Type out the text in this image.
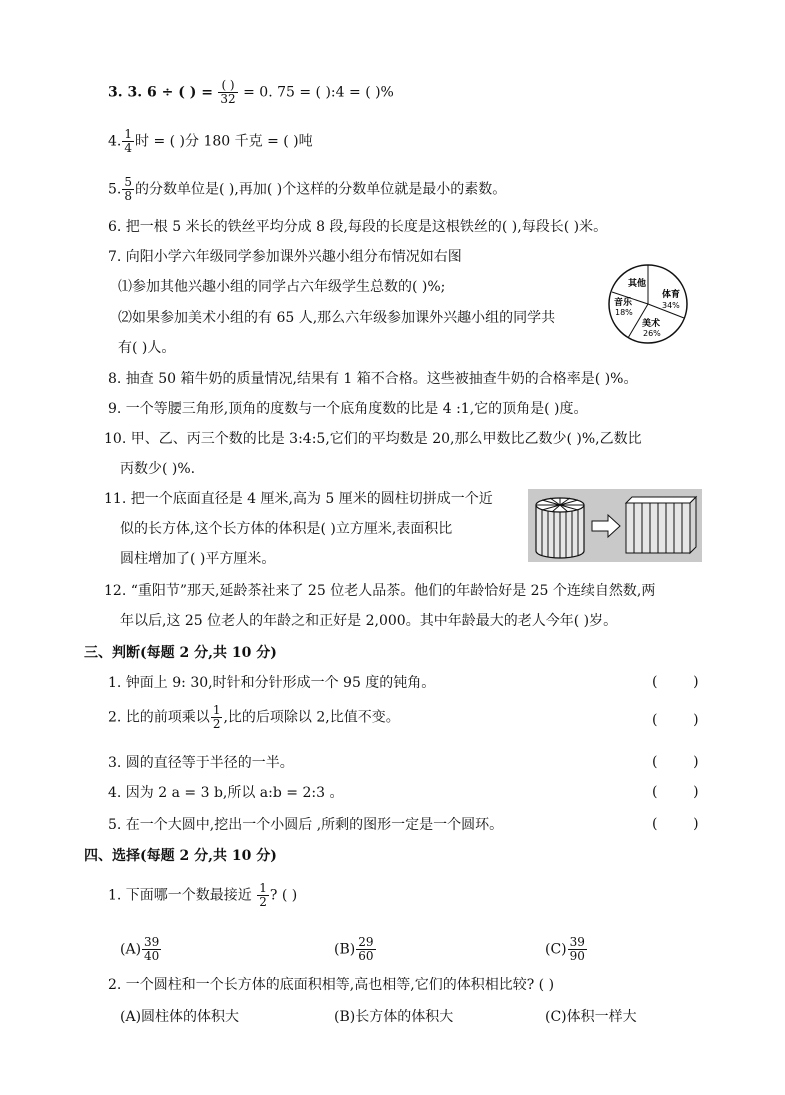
3. 3. 6 ÷ ( ) = $\frac{( )}{32} = 0$. 75 = ( ):4 = ( )%
4. $\frac{1}{4}$ 时 = ( )分 180 千克 = ( )吨
5. $\frac{5}{8}$ 的分数单位是( ),再加( )个这样的分数单位就是最小的素数。
6. 把一根 5 米长的铁丝平均分成 8 段,每段的长度是这根铁丝的( ),每段长( )米。
7. 向阳小学六年级同学参加课外兴趣小组分布情况如右图
⑴参加其他兴趣小组的同学占六年级学生总数的( )%;
⑵如果参加美术小组的有 65 人,那么六年级参加课外兴趣小组的同学共
有( )人。
其他
体育
34%
音乐
18%
美术
26%
8. 抽查 50 箱牛奶的质量情况,结果有 1 箱不合格。这些被抽查牛奶的合格率是( )%。
9. 一个等腰三角形,顶角的度数与一个底角度数的比是 4 :1,它的顶角是( )度。
10. 甲、乙、丙三个数的比是 3:4:5,它们的平均数是 20,那么甲数比乙数少( )%,乙数比
丙数少( )%.
11. 把一个底面直径是 4 厘米,高为 5 厘米的圆柱切拼成一个近
似的长方体,这个长方体的体积是( )立方厘米,表面积比
圆柱增加了( )平方厘米。
12. “重阳节”那天,延龄茶社来了 25 位老人品茶。他们的年龄恰好是 25 个连续自然数,两
年以后,这 25 位老人的年龄之和正好是 2,000。其中年龄最大的老人今年( )岁。
三、判断(每题 2 分,共 10 分)
1. 钟面上 9: 30,时针和分针形成一个 95 度的钝角。	(        )
2. 比的前项乘以 $\frac{1}{2}$ ,比的后项除以 2,比值不变。	(        )
3. 圆的直径等于半径的一半。	(        )
4. 因为 2 a = 3 b,所以 a:b = 2:3 。	(        )
5. 在一个大圆中,挖出一个小圆后 ,所剩的图形一定是一个圆环。	(        )
四、选择(每题 2 分,共 10 分)
1. 下面哪一个数最接近 $\frac{1}{2}$ ? ( )
$(A) \frac{39}{40}$	$(B) \frac{29}{60}$	$(C) \frac{39}{90}$
2. 一个圆柱和一个长方体的底面积相等,高也相等,它们的体积相比较? ( )
(A)圆柱体的体积大	(B)长方体的体积大	(C)体积一样大
